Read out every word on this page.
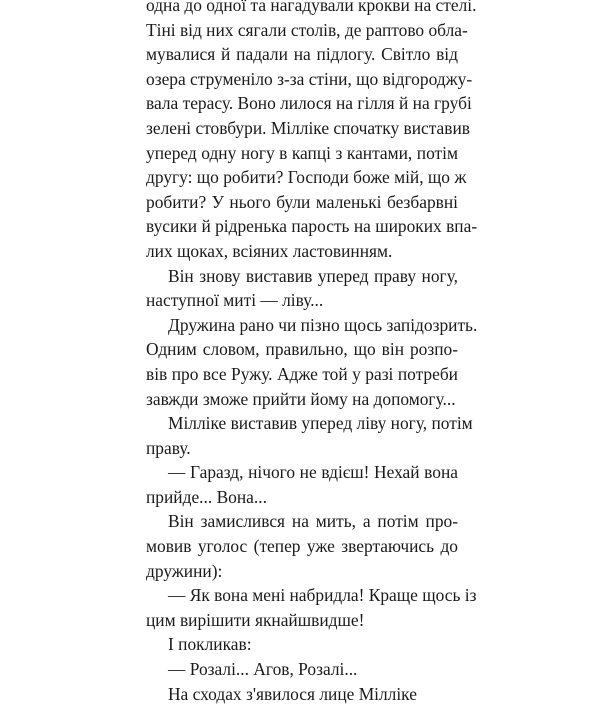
одна до одної та нагадували крокви на стелі.
Тіні від них сягали столів, де раптово облa-
мувалися й падали на підлогу. Світло від
озера струменіло з-за стіни, що відгороджу-
вала терасу. Воно лилося на гілля й на грубі
зелені стовбури. Мілліке спочатку виставив
уперед одну ногу в капці з кантами, потім
другу: що робити? Господи боже мій, що ж
робити? У нього були маленькі безбарвні
вусики й рідренька парость на широких впа-
лих щоках, всіяних ластовинням.
Він знову виставив уперед праву ногу,
наступної миті — ліву...
Дружина рано чи пізно щось запідозрить.
Одним словом, правильно, що він розпо-
вів про все Ружу. Адже той у разі потреби
завжди зможе прийти йому на допомогу...
Мілліке виставив уперед ліву ногу, потім
праву.
— Гаразд, нічого не вдієш! Нехай вона
прийде... Вона...
Він замислився на мить, а потім про-
мовив уголос (тепер уже звертаючись до
дружини):
— Як вона мені набридла! Краще щось із
цим вирішити якнайшвидше!
І покликав:
— Розалі... Агов, Розалі...
На сходах з'явилося лице Мілліке
